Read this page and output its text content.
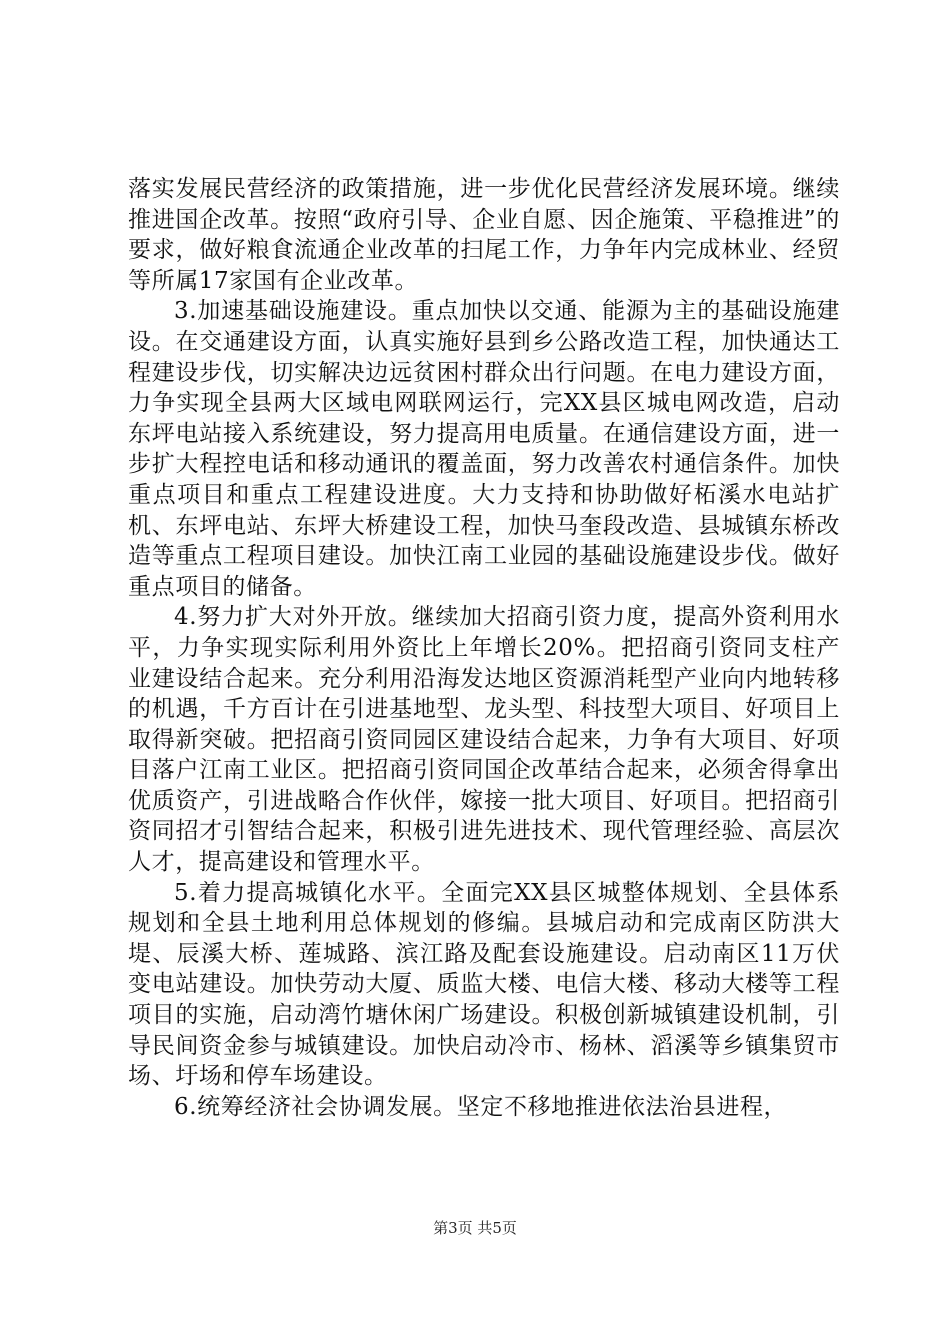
落实发展民营经济的政策措施，进一步优化民营经济发展环境。继续推进国企改革。按照“政府引导、企业自愿、因企施策、平稳推进”的要求，做好粮食流通企业改革的扫尾工作，力争年内完成林业、经贸等所属17家国有企业改革。

3.加速基础设施建设。重点加快以交通、能源为主的基础设施建设。在交通建设方面，认真实施好县到乡公路改造工程，加快通达工程建设步伐，切实解决边远贫困村群众出行问题。在电力建设方面，力争实现全县两大区域电网联网运行，完XX县区城电网改造，启动东坪电站接入系统建设，努力提高用电质量。在通信建设方面，进一步扩大程控电话和移动通讯的覆盖面，努力改善农村通信条件。加快重点项目和重点工程建设进度。大力支持和协助做好柘溪水电站扩机、东坪电站、东坪大桥建设工程，加快马奎段改造、县城镇东桥改造等重点工程项目建设。加快江南工业园的基础设施建设步伐。做好重点项目的储备。

4.努力扩大对外开放。继续加大招商引资力度，提高外资利用水平，力争实现实际利用外资比上年增长20%。把招商引资同支柱产业建设结合起来。充分利用沿海发达地区资源消耗型产业向内地转移的机遇，千方百计在引进基地型、龙头型、科技型大项目、好项目上取得新突破。把招商引资同园区建设结合起来，力争有大项目、好项目落户江南工业区。把招商引资同国企改革结合起来，必须舍得拿出优质资产，引进战略合作伙伴，嫁接一批大项目、好项目。把招商引资同招才引智结合起来，积极引进先进技术、现代管理经验、高层次人才，提高建设和管理水平。

5.着力提高城镇化水平。全面完XX县区城整体规划、全县体系规划和全县土地利用总体规划的修编。县城启动和完成南区防洪大堤、辰溪大桥、莲城路、滨江路及配套设施建设。启动南区11万伏变电站建设。加快劳动大厦、质监大楼、电信大楼、移动大楼等工程项目的实施，启动湾竹塘休闲广场建设。积极创新城镇建设机制，引导民间资金参与城镇建设。加快启动冷市、杨林、滔溪等乡镇集贸市场、圩场和停车场建设。

6.统筹经济社会协调发展。坚定不移地推进依法治县进程，

第3页 共5页
